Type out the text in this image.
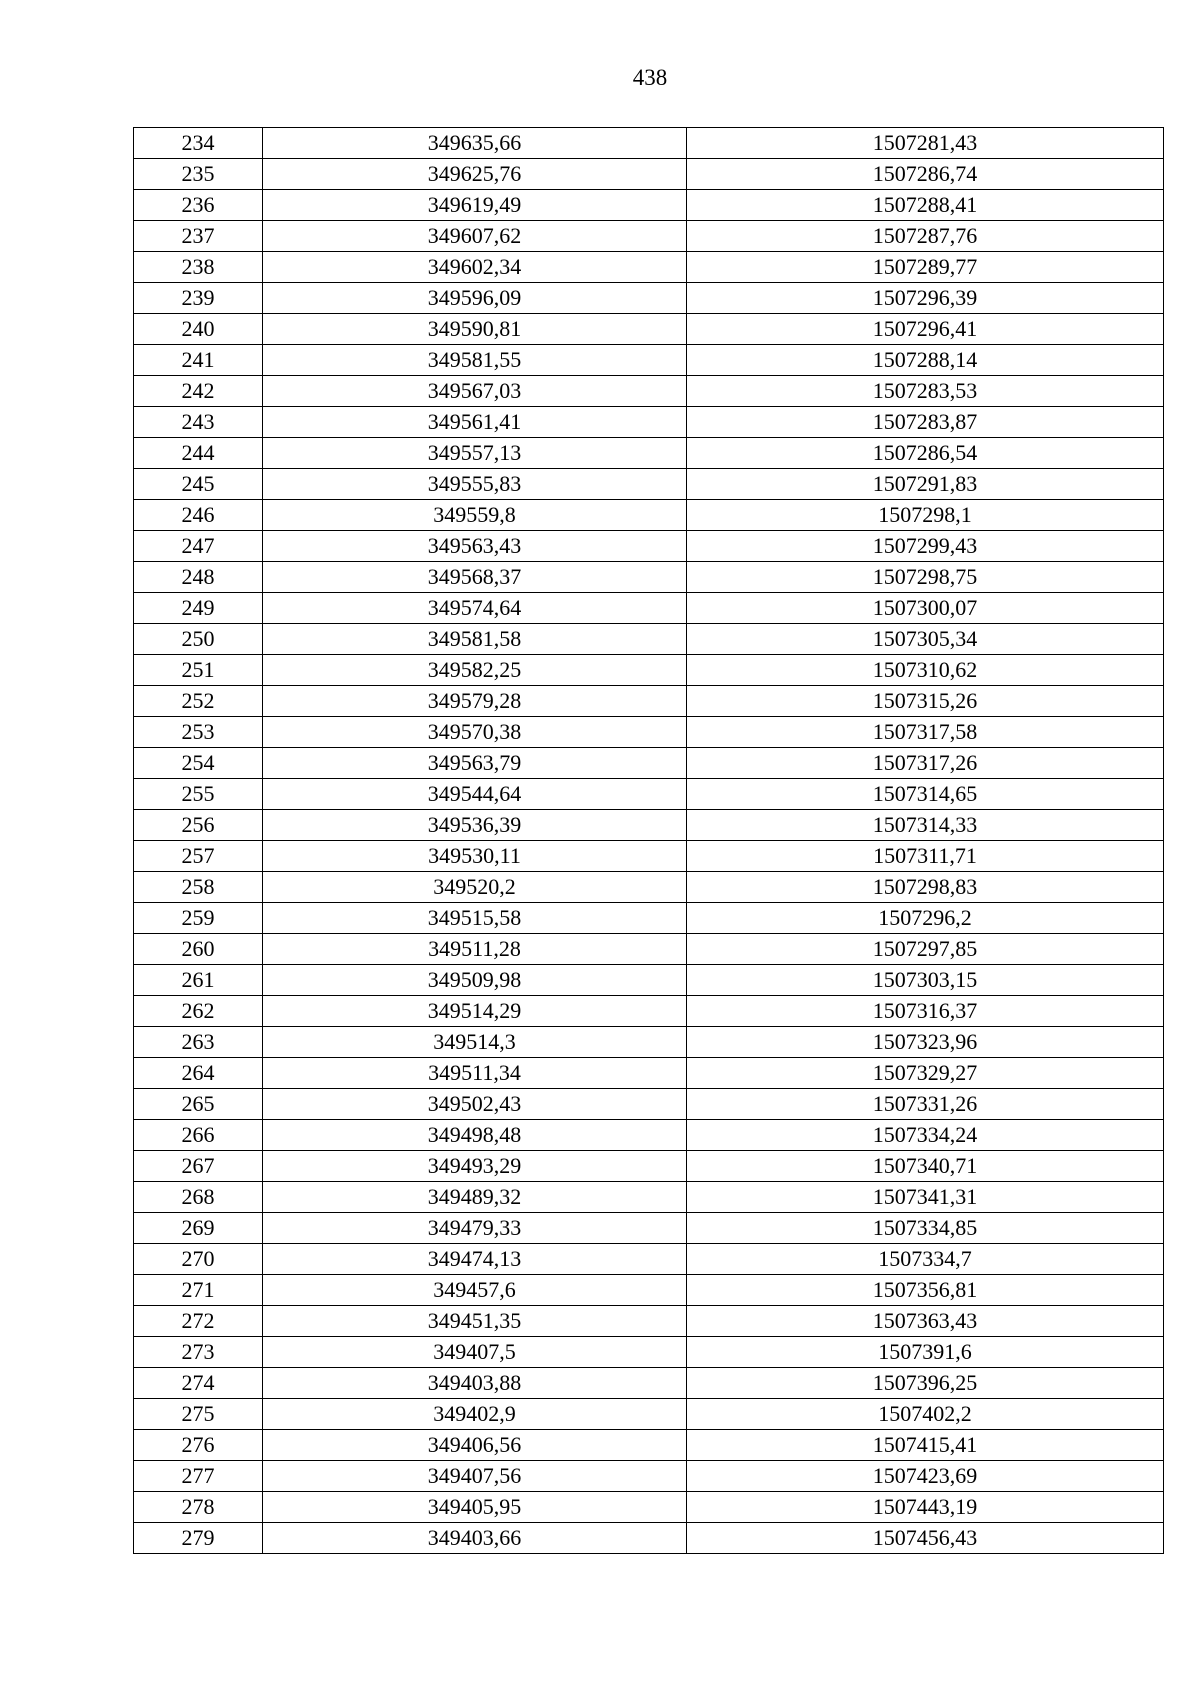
438
234	349635,66	1507281,43
235	349625,76	1507286,74
236	349619,49	1507288,41
237	349607,62	1507287,76
238	349602,34	1507289,77
239	349596,09	1507296,39
240	349590,81	1507296,41
241	349581,55	1507288,14
242	349567,03	1507283,53
243	349561,41	1507283,87
244	349557,13	1507286,54
245	349555,83	1507291,83
246	349559,8	1507298,1
247	349563,43	1507299,43
248	349568,37	1507298,75
249	349574,64	1507300,07
250	349581,58	1507305,34
251	349582,25	1507310,62
252	349579,28	1507315,26
253	349570,38	1507317,58
254	349563,79	1507317,26
255	349544,64	1507314,65
256	349536,39	1507314,33
257	349530,11	1507311,71
258	349520,2	1507298,83
259	349515,58	1507296,2
260	349511,28	1507297,85
261	349509,98	1507303,15
262	349514,29	1507316,37
263	349514,3	1507323,96
264	349511,34	1507329,27
265	349502,43	1507331,26
266	349498,48	1507334,24
267	349493,29	1507340,71
268	349489,32	1507341,31
269	349479,33	1507334,85
270	349474,13	1507334,7
271	349457,6	1507356,81
272	349451,35	1507363,43
273	349407,5	1507391,6
274	349403,88	1507396,25
275	349402,9	1507402,2
276	349406,56	1507415,41
277	349407,56	1507423,69
278	349405,95	1507443,19
279	349403,66	1507456,43
